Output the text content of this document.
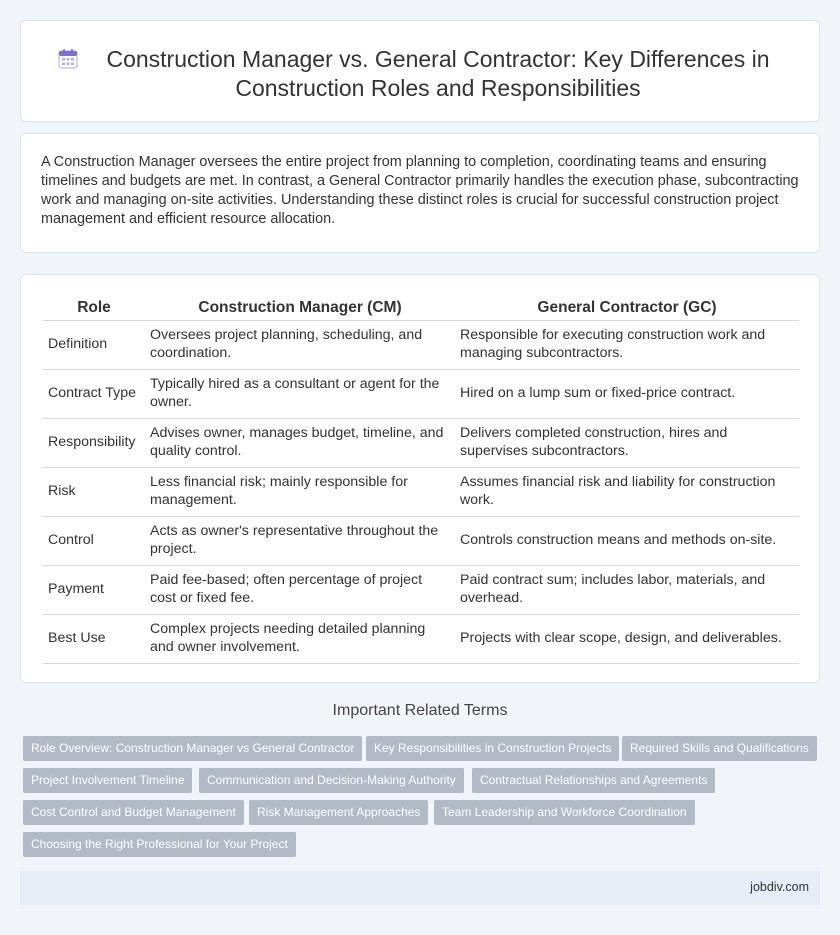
Construction Manager vs. General Contractor: Key Differences in Construction Roles and Responsibilities

A Construction Manager oversees the entire project from planning to completion, coordinating teams and ensuring timelines and budgets are met. In contrast, a General Contractor primarily handles the execution phase, subcontracting work and managing on-site activities. Understanding these distinct roles is crucial for successful construction project management and efficient resource allocation.

Role	Construction Manager (CM)	General Contractor (GC)
Definition	Oversees project planning, scheduling, and coordination.	Responsible for executing construction work and managing subcontractors.
Contract Type	Typically hired as a consultant or agent for the owner.	Hired on a lump sum or fixed-price contract.
Responsibility	Advises owner, manages budget, timeline, and quality control.	Delivers completed construction, hires and supervises subcontractors.
Risk	Less financial risk; mainly responsible for management.	Assumes financial risk and liability for construction work.
Control	Acts as owner's representative throughout the project.	Controls construction means and methods on-site.
Payment	Paid fee-based; often percentage of project cost or fixed fee.	Paid contract sum; includes labor, materials, and overhead.
Best Use	Complex projects needing detailed planning and owner involvement.	Projects with clear scope, design, and deliverables.
Important Related Terms
Role Overview: Construction Manager vs General Contractor	Key Responsibilities in Construction Projects	Required Skills and Qualifications
Project Involvement Timeline	Communication and Decision-Making Authority	Contractual Relationships and Agreements
Cost Control and Budget Management	Risk Management Approaches	Team Leadership and Workforce Coordination
Choosing the Right Professional for Your Project
jobdiv.com
